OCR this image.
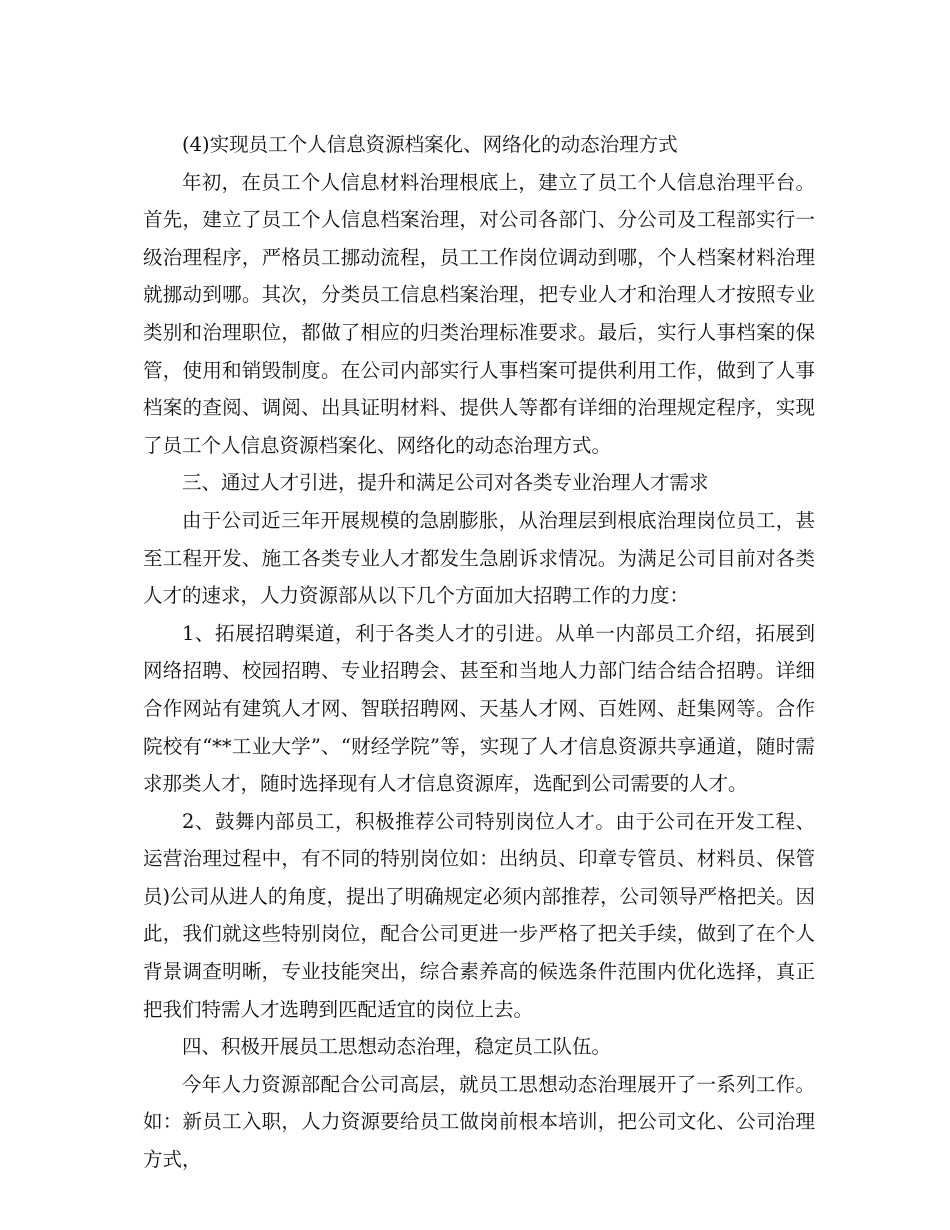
(4)实现员工个人信息资源档案化、网络化的动态治理方式

年初，在员工个人信息材料治理根底上，建立了员工个人信息治理平台。首先，建立了员工个人信息档案治理，对公司各部门、分公司及工程部实行一级治理程序，严格员工挪动流程，员工工作岗位调动到哪，个人档案材料治理就挪动到哪。其次，分类员工信息档案治理，把专业人才和治理人才按照专业类别和治理职位，都做了相应的归类治理标准要求。最后，实行人事档案的保管，使用和销毁制度。在公司内部实行人事档案可提供利用工作，做到了人事档案的查阅、调阅、出具证明材料、提供人等都有详细的治理规定程序，实现了员工个人信息资源档案化、网络化的动态治理方式。

三、通过人才引进，提升和满足公司对各类专业治理人才需求

由于公司近三年开展规模的急剧膨胀，从治理层到根底治理岗位员工，甚至工程开发、施工各类专业人才都发生急剧诉求情况。为满足公司目前对各类人才的速求，人力资源部从以下几个方面加大招聘工作的力度：

1、拓展招聘渠道，利于各类人才的引进。从单一内部员工介绍，拓展到网络招聘、校园招聘、专业招聘会、甚至和当地人力部门结合结合招聘。详细合作网站有建筑人才网、智联招聘网、天基人才网、百姓网、赶集网等。合作院校有“**工业大学”、“财经学院”等，实现了人才信息资源共享通道，随时需求那类人才，随时选择现有人才信息资源库，选配到公司需要的人才。

2、鼓舞内部员工，积极推荐公司特别岗位人才。由于公司在开发工程、运营治理过程中，有不同的特别岗位如：出纳员、印章专管员、材料员、保管员)公司从进人的角度，提出了明确规定必须内部推荐，公司领导严格把关。因此，我们就这些特别岗位，配合公司更进一步严格了把关手续，做到了在个人背景调查明晰，专业技能突出，综合素养高的候选条件范围内优化选择，真正把我们特需人才选聘到匹配适宜的岗位上去。

四、积极开展员工思想动态治理，稳定员工队伍。

今年人力资源部配合公司高层，就员工思想动态治理展开了一系列工作。如：新员工入职，人力资源要给员工做岗前根本培训，把公司文化、公司治理方式，
